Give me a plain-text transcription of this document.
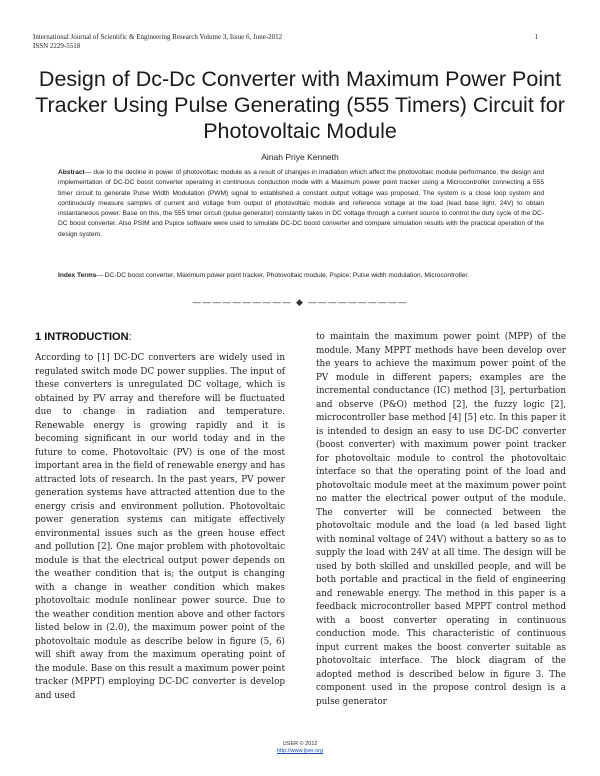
International Journal of Scientific & Engineering Research Volume 3, Issue 6, June-2012
ISSN 2229-5518
1
Design of Dc-Dc Converter with Maximum Power Point Tracker Using Pulse Generating (555 Timers) Circuit for Photovoltaic Module
Ainah Priye Kenneth

Abstract— due to the decline in power of photovoltaic module as a result of changes in irradiation which affect the photovoltaic module performance, the design and implementation of DC-DC boost converter operating in continuous conduction mode with a Maximum power point tracker using a Microcontroller connecting a 555 timer circuit to generate Pulse Width Modulation (PWM) signal to established a constant output voltage was proposed. The system is a close loop system and continuously measure samples of current and voltage from output of photovoltaic module and reference voltage at the load (lead base light, 24V) to obtain instantaneous power. Base on this, the 555 timer circuit (pulse generator) constantly takes in DC voltage through a current source to control the duty cycle of the DC-DC boost converter. Also PSIM and Pspice software were used to simulate DC-DC boost converter and compare simulation results with the practical operation of the design system.

Index Terms— DC-DC boost converter, Maximum power point tracker, Photovoltaic module, Pspice; Pulse width modulation, Microcontroller.

—————————— ◆ ——————————
1 INTRODUCTION:

According to [1] DC-DC converters are widely used in regulated switch mode DC power supplies. The input of these converters is unregulated DC voltage, which is obtained by PV array and therefore will be fluctuated due to change in radiation and temperature. Renewable energy is growing rapidly and it is becoming significant in our world today and in the future to come. Photovoltaic (PV) is one of the most important area in the field of renewable energy and has attracted lots of research. In the past years, PV power generation systems have attracted attention due to the energy crisis and environment pollution. Photovoltaic power generation systems can mitigate effectively environmental issues such as the green house effect and pollution [2]. One major problem with photovoltaic module is that the electrical output power depends on the weather condition that is; the output is changing with a change in weather condition which makes photovoltaic module nonlinear power source. Due to the weather condition mention above and other factors listed below in (2.0), the maximum power point of the photovoltaic module as describe below in figure (5, 6) will shift away from the maximum operating point of the module. Base on this result a maximum power point tracker (MPPT) employing DC-DC converter is develop and used

to maintain the maximum power point (MPP) of the module. Many MPPT methods have been develop over the years to achieve the maximum power point of the PV module in different papers; examples are the incremental conductance (IC) method [3], perturbation and observe (P&O) method [2], the fuzzy logic [2], microcontroller base method [4] [5] etc. In this paper it is intended to design an easy to use DC-DC converter (boost converter) with maximum power point tracker for photovoltaic module to control the photovoltaic interface so that the operating point of the load and photovoltaic module meet at the maximum power point no matter the electrical power output of the module. The converter will be connected between the photovoltaic module and the load (a led based light with nominal voltage of 24V) without a battery so as to supply the load with 24V at all time. The design will be used by both skilled and unskilled people, and will be both portable and practical in the field of engineering and renewable energy. The method in this paper is a feedback microcontroller based MPPT control method with a boost converter operating in continuous conduction mode. This characteristic of continuous input current makes the boost converter suitable as photovoltaic interface. The block diagram of the adopted method is described below in figure 3. The component used in the propose control design is a pulse generator

IJSER © 2012
http://www.ijser.org
